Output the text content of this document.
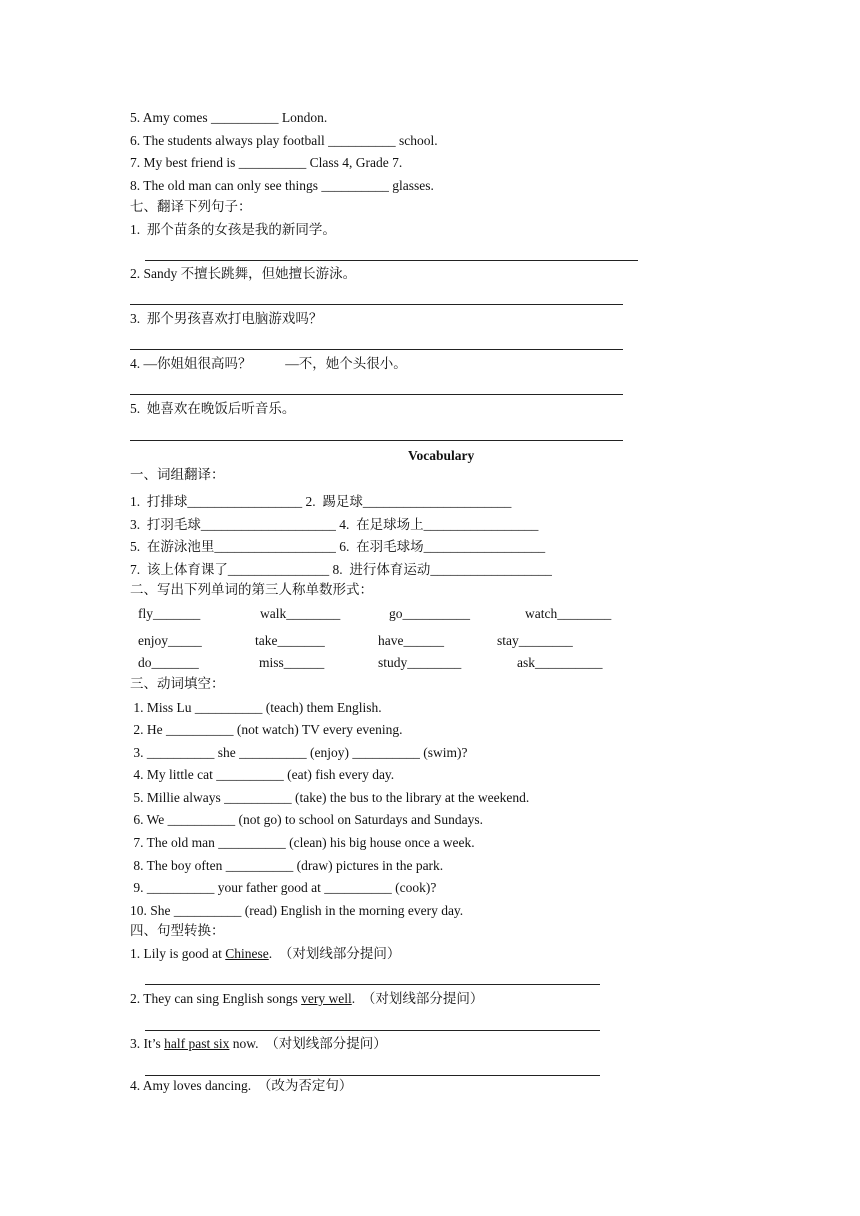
5. Amy comes __________ London.
6. The students always play football __________ school.
7. My best friend is __________ Class 4, Grade 7.
8. The old man can only see things __________ glasses.
七、翻译下列句子：
1.  那个苗条的女孩是我的新同学。
2. Sandy 不擅长跳舞，但她擅长游泳。
3.  那个男孩喜欢打电脑游戏吗？
4. —你姐姐很高吗？          —不，她个头很小。
5.  她喜欢在晚饭后听音乐。
Vocabulary
一、词组翻译：
1.  打排球_________________ 2.  踢足球______________________
3.  打羽毛球____________________ 4.  在足球场上_________________
5.  在游泳池里__________________ 6.  在羽毛球场__________________
7.  该上体育课了_______________ 8.  进行体育运动__________________
二、写出下列单词的第三人称单数形式：
fly_______	walk________	go__________	watch________
enjoy_____	take_______	have______	stay________
do_______	miss______	study________	ask__________
三、动词填空：
1. Miss Lu __________ (teach) them English.
2. He __________ (not watch) TV every evening.
3. __________ she __________ (enjoy) __________ (swim)?
4. My little cat __________ (eat) fish every day.
5. Millie always __________ (take) the bus to the library at the weekend.
6. We __________ (not go) to school on Saturdays and Sundays.
7. The old man __________ (clean) his big house once a week.
8. The boy often __________ (draw) pictures in the park.
9. __________ your father good at __________ (cook)?
10. She __________ (read) English in the morning every day.
四、句型转换：
1. Lily is good at Chinese.  （对划线部分提问）
2. They can sing English songs very well.  （对划线部分提问）
3. It’s half past six now.  （对划线部分提问）
4. Amy loves dancing.  （改为否定句）
